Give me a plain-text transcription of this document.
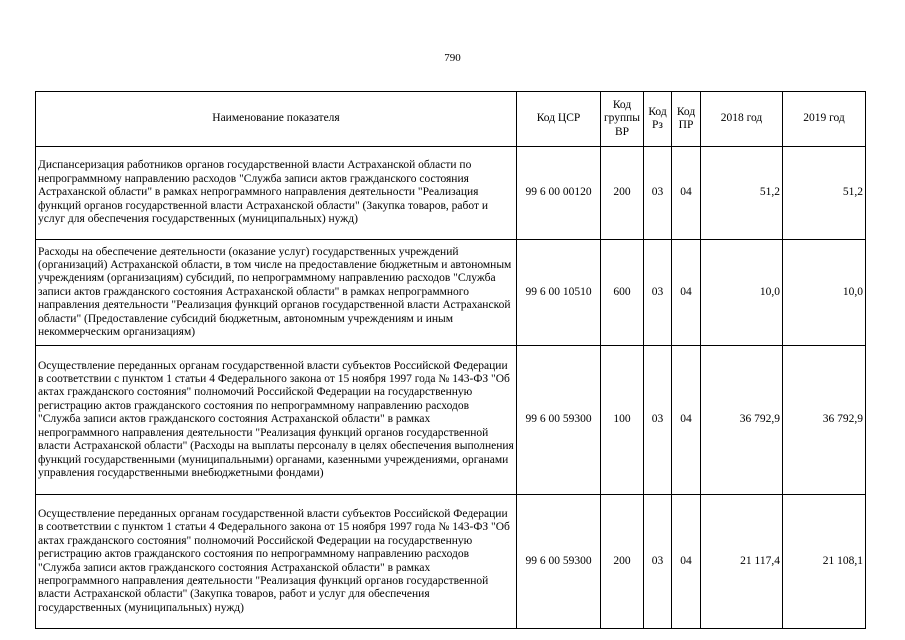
790
Наименование показателя	Код ЦСР	Код группы ВР	Код Рз	Код ПР	2018 год	2019 год
Диспансеризация работников органов государственной власти Астраханской области по непрограммному направлению расходов "Служба записи актов гражданского состояния Астраханской области" в рамках непрограммного направления деятельности "Реализация функций органов государственной власти Астраханской области" (Закупка товаров, работ и услуг для обеспечения государственных (муниципальных) нужд)	99 6 00 00120	200	03	04	51,2	51,2
Расходы на обеспечение деятельности (оказание услуг) государственных учреждений (организаций) Астраханской области, в том числе на предоставление бюджетным и автономным учреждениям (организациям) субсидий, по непрограммному направлению расходов "Служба записи актов гражданского состояния Астраханской области" в рамках непрограммного направления деятельности "Реализация функций органов государственной власти Астраханской области" (Предоставление субсидий бюджетным, автономным учреждениям и иным некоммерческим организациям)	99 6 00 10510	600	03	04	10,0	10,0
Осуществление переданных органам государственной власти субъектов Российской Федерации в соответствии с пунктом 1 статьи 4 Федерального закона от 15 ноября 1997 года № 143-ФЗ "Об актах гражданского состояния" полномочий Российской Федерации на государственную регистрацию актов гражданского состояния по непрограммному направлению расходов "Служба записи актов гражданского состояния Астраханской области" в рамках непрограммного направления деятельности "Реализация функций органов государственной власти Астраханской области" (Расходы на выплаты персоналу в целях обеспечения выполнения функций государственными (муниципальными) органами, казенными учреждениями, органами управления государственными внебюджетными фондами)	99 6 00 59300	100	03	04	36 792,9	36 792,9
Осуществление переданных органам государственной власти субъектов Российской Федерации в соответствии с пунктом 1 статьи 4 Федерального закона от 15 ноября 1997 года № 143-ФЗ "Об актах гражданского состояния" полномочий Российской Федерации на государственную регистрацию актов гражданского состояния по непрограммному направлению расходов "Служба записи актов гражданского состояния Астраханской области" в рамках непрограммного направления деятельности "Реализация функций органов государственной власти Астраханской области" (Закупка товаров, работ и услуг для обеспечения государственных (муниципальных) нужд)	99 6 00 59300	200	03	04	21 117,4	21 108,1
